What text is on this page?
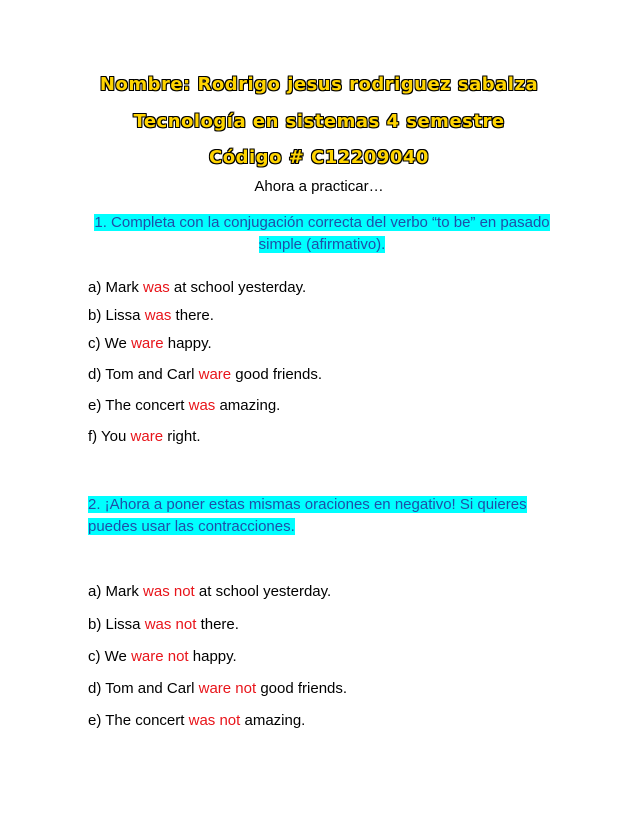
Nombre: Rodrigo jesus rodriguez sabalza
Tecnología en sistemas 4 semestre
Código # C12209040
Ahora a practicar…
1. Completa con la conjugación correcta del verbo “to be” en pasado simple (afirmativo).
a) Mark was at school yesterday.
b) Lissa was there.
c) We ware happy.
d) Tom and Carl ware good friends.
e) The concert was amazing.
f) You ware right.
2. ¡Ahora a poner estas mismas oraciones en negativo! Si quieres puedes usar las contracciones.
a) Mark was not at school yesterday.
b) Lissa was not there.
c) We ware not happy.
d) Tom and Carl ware not good friends.
e) The concert was not amazing.
